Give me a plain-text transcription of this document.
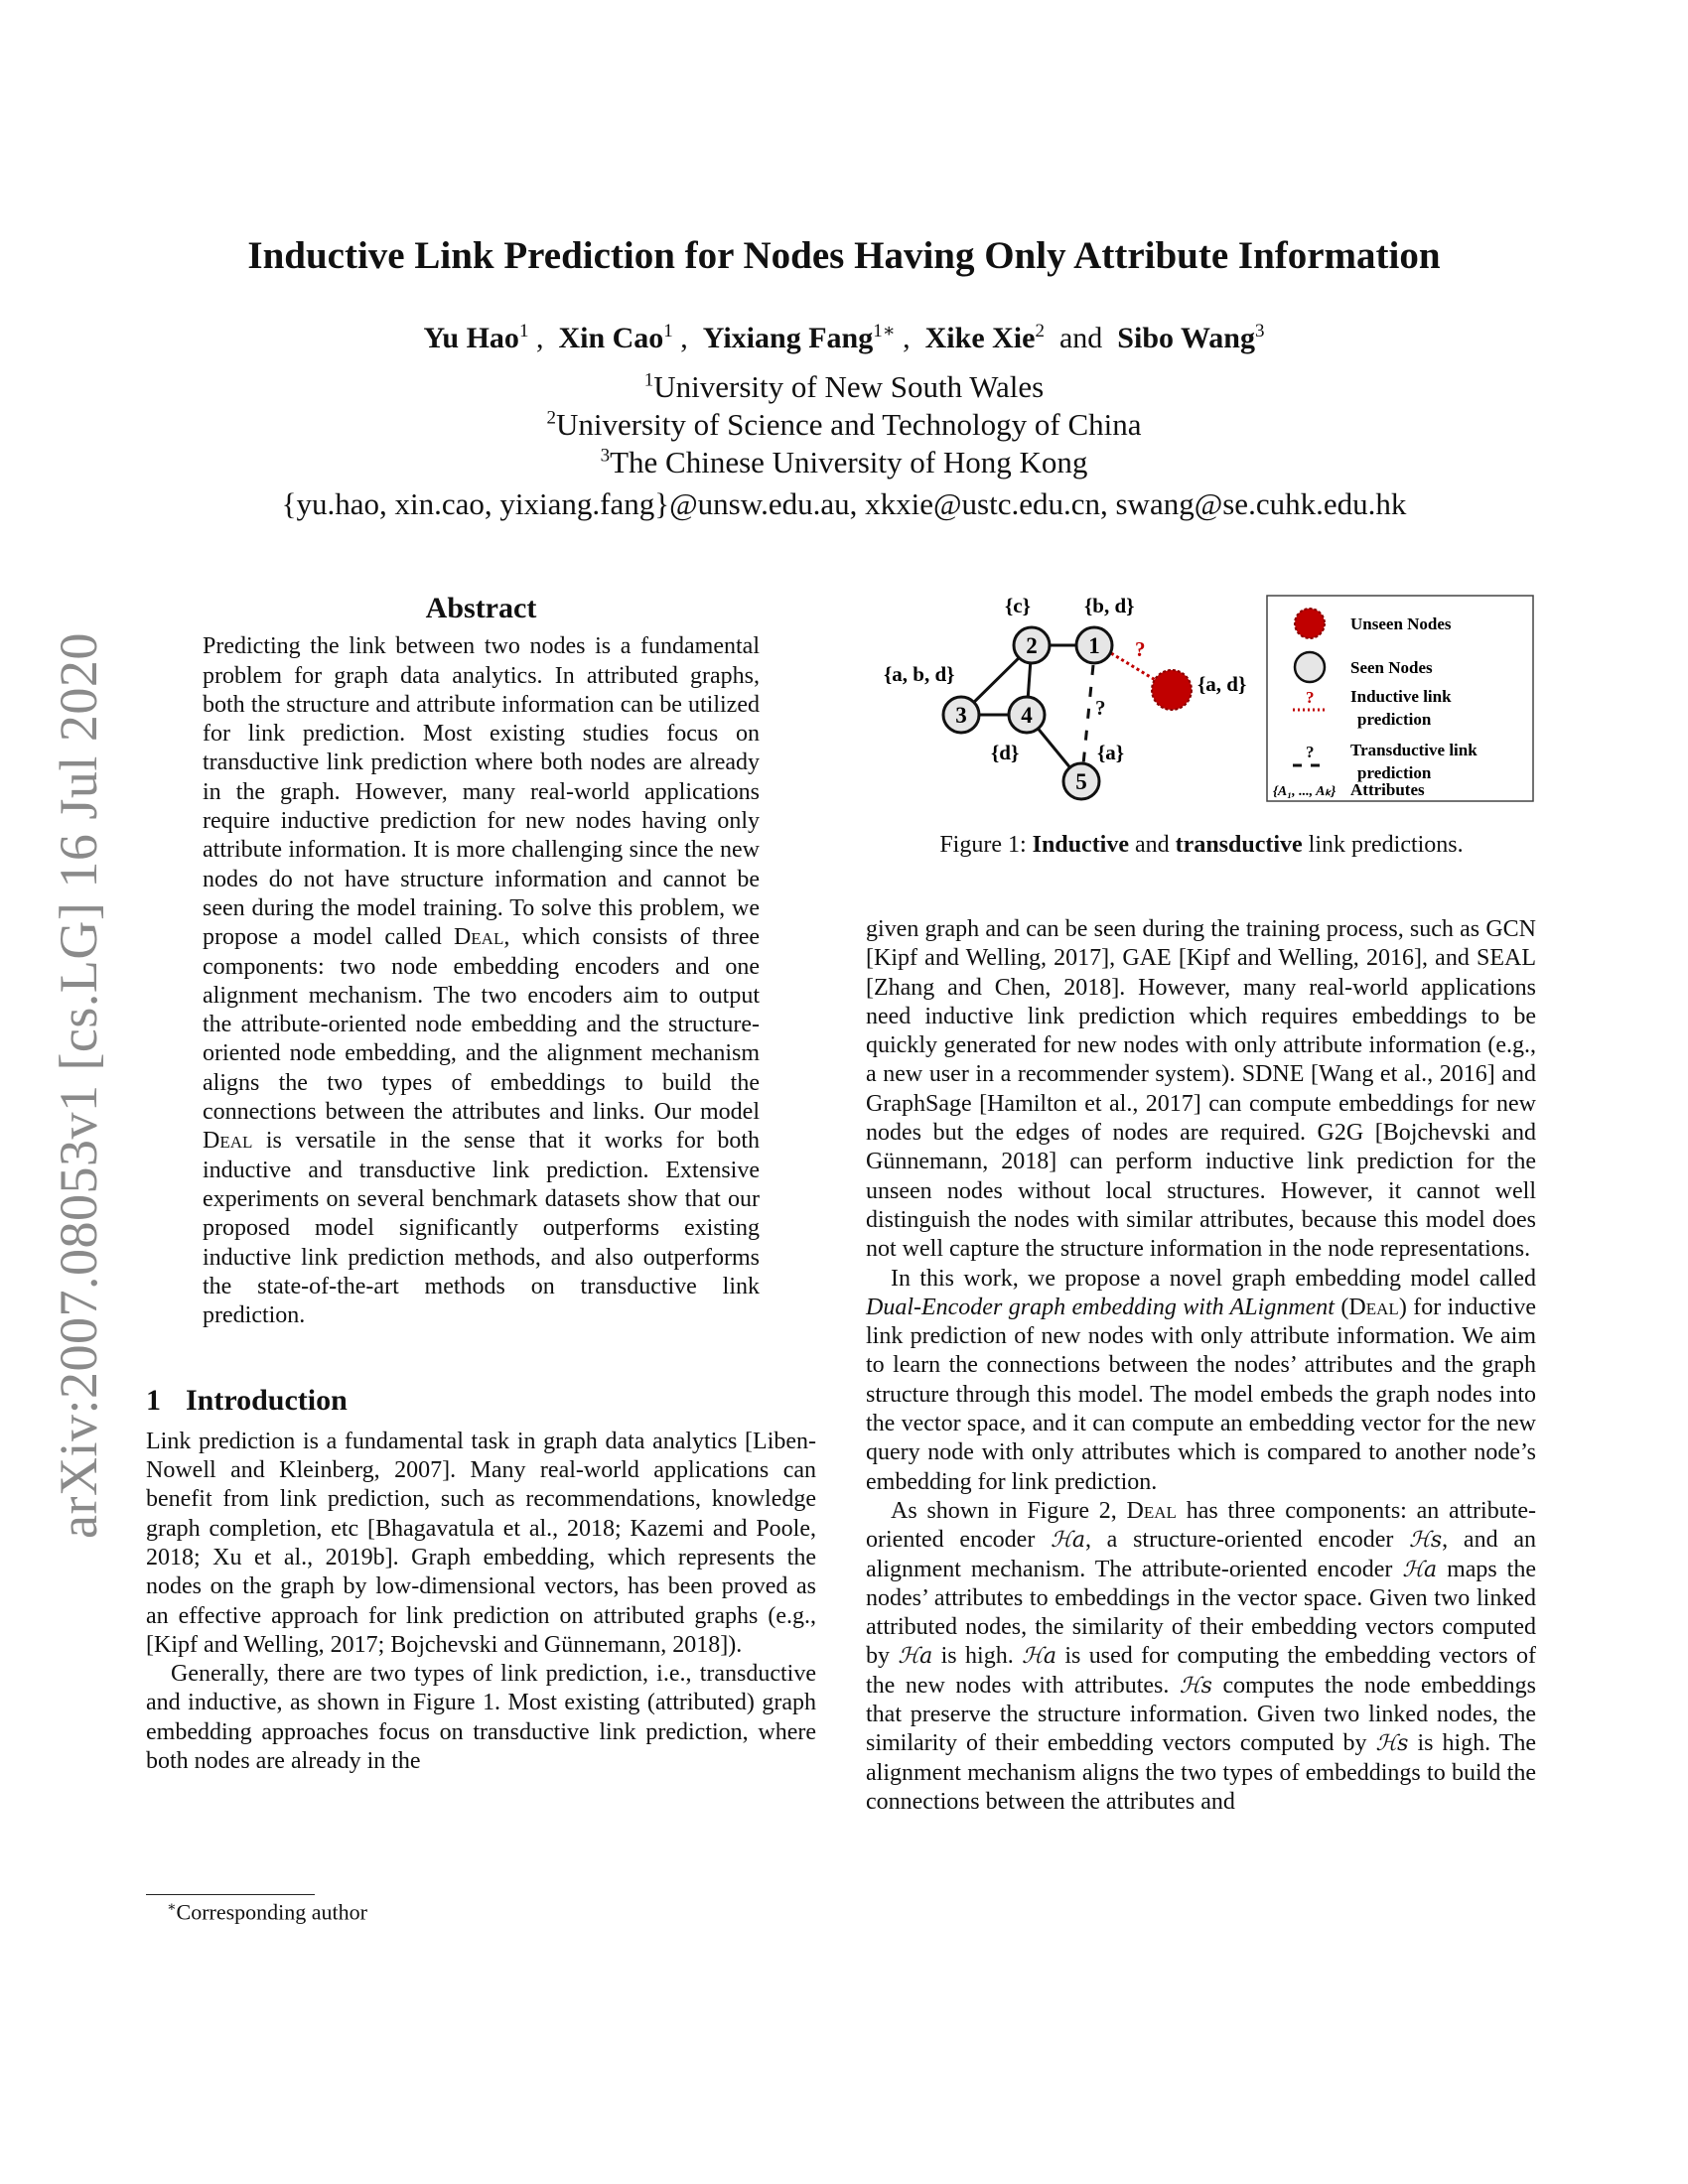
arXiv:2007.08053v1 [cs.LG] 16 Jul 2020
Inductive Link Prediction for Nodes Having Only Attribute Information
Yu Hao$^1$ ,  Xin Cao$^1$ ,  Yixiang Fang$^{1∗}$ ,  Xike Xie$^2$ and Sibo Wang$^3$
$^1$University of New South Wales
$^2$University of Science and Technology of China
$^3$The Chinese University of Hong Kong
{yu.hao, xin.cao, yixiang.fang}@unsw.edu.au, xkxie@ustc.edu.cn, swang@se.cuhk.edu.hk
Abstract
Predicting the link between two nodes is a fundamental problem for graph data analytics. In attributed graphs, both the structure and attribute information can be utilized for link prediction. Most existing studies focus on transductive link prediction where both nodes are already in the graph. However, many real-world applications require inductive prediction for new nodes having only attribute information. It is more challenging since the new nodes do not have structure information and cannot be seen during the model training. To solve this problem, we propose a model called Deal, which consists of three components: two node embedding encoders and one alignment mechanism. The two encoders aim to output the attribute-oriented node embedding and the structure-oriented node embedding, and the alignment mechanism aligns the two types of embeddings to build the connections between the attributes and links. Our model Deal is versatile in the sense that it works for both inductive and transductive link prediction. Extensive experiments on several benchmark datasets show that our proposed model significantly outperforms existing inductive link prediction methods, and also outperforms the state-of-the-art methods on transductive link prediction.
1 Introduction

Link prediction is a fundamental task in graph data analytics [Liben-Nowell and Kleinberg, 2007]. Many real-world applications can benefit from link prediction, such as recommendations, knowledge graph completion, etc [Bhagavatula et al., 2018; Kazemi and Poole, 2018; Xu et al., 2019b]. Graph embedding, which represents the nodes on the graph by low-dimensional vectors, has been proved as an effective approach for link prediction on attributed graphs (e.g., [Kipf and Welling, 2017; Bojchevski and Günnemann, 2018]).

Generally, there are two types of link prediction, i.e., transductive and inductive, as shown in Figure 1. Most existing (attributed) graph embedding approaches focus on transductive link prediction, where both nodes are already in the

∗Corresponding author
2 1
3 4
5
{c}	{b, d}
{a, b, d}
{d}	{a}
{a, d}
?
?
Unseen Nodes
Seen Nodes
? Inductive link
prediction
? Transductive link
prediction
{A₁, ..., Aₖ} Attributes
Figure 1: Inductive and transductive link predictions.

given graph and can be seen during the training process, such as GCN [Kipf and Welling, 2017], GAE [Kipf and Welling, 2016], and SEAL [Zhang and Chen, 2018]. However, many real-world applications need inductive link prediction which requires embeddings to be quickly generated for new nodes with only attribute information (e.g., a new user in a recommender system). SDNE [Wang et al., 2016] and GraphSage [Hamilton et al., 2017] can compute embeddings for new nodes but the edges of nodes are required. G2G [Bojchevski and Günnemann, 2018] can perform inductive link prediction for the unseen nodes without local structures. However, it cannot well distinguish the nodes with similar attributes, because this model does not well capture the structure information in the node representations.

In this work, we propose a novel graph embedding model called Dual-Encoder graph embedding with ALignment (Deal) for inductive link prediction of new nodes with only attribute information. We aim to learn the connections between the nodes’ attributes and the graph structure through this model. The model embeds the graph nodes into the vector space, and it can compute an embedding vector for the new query node with only attributes which is compared to another node’s embedding for link prediction.

As shown in Figure 2, Deal has three components: an attribute-oriented encoder ℋa, a structure-oriented encoder ℋs, and an alignment mechanism. The attribute-oriented encoder ℋa maps the nodes’ attributes to embeddings in the vector space. Given two linked attributed nodes, the similarity of their embedding vectors computed by ℋa is high. ℋa is used for computing the embedding vectors of the new nodes with attributes. ℋs computes the node embeddings that preserve the structure information. Given two linked nodes, the similarity of their embedding vectors computed by ℋs is high. The alignment mechanism aligns the two types of embeddings to build the connections between the attributes and
